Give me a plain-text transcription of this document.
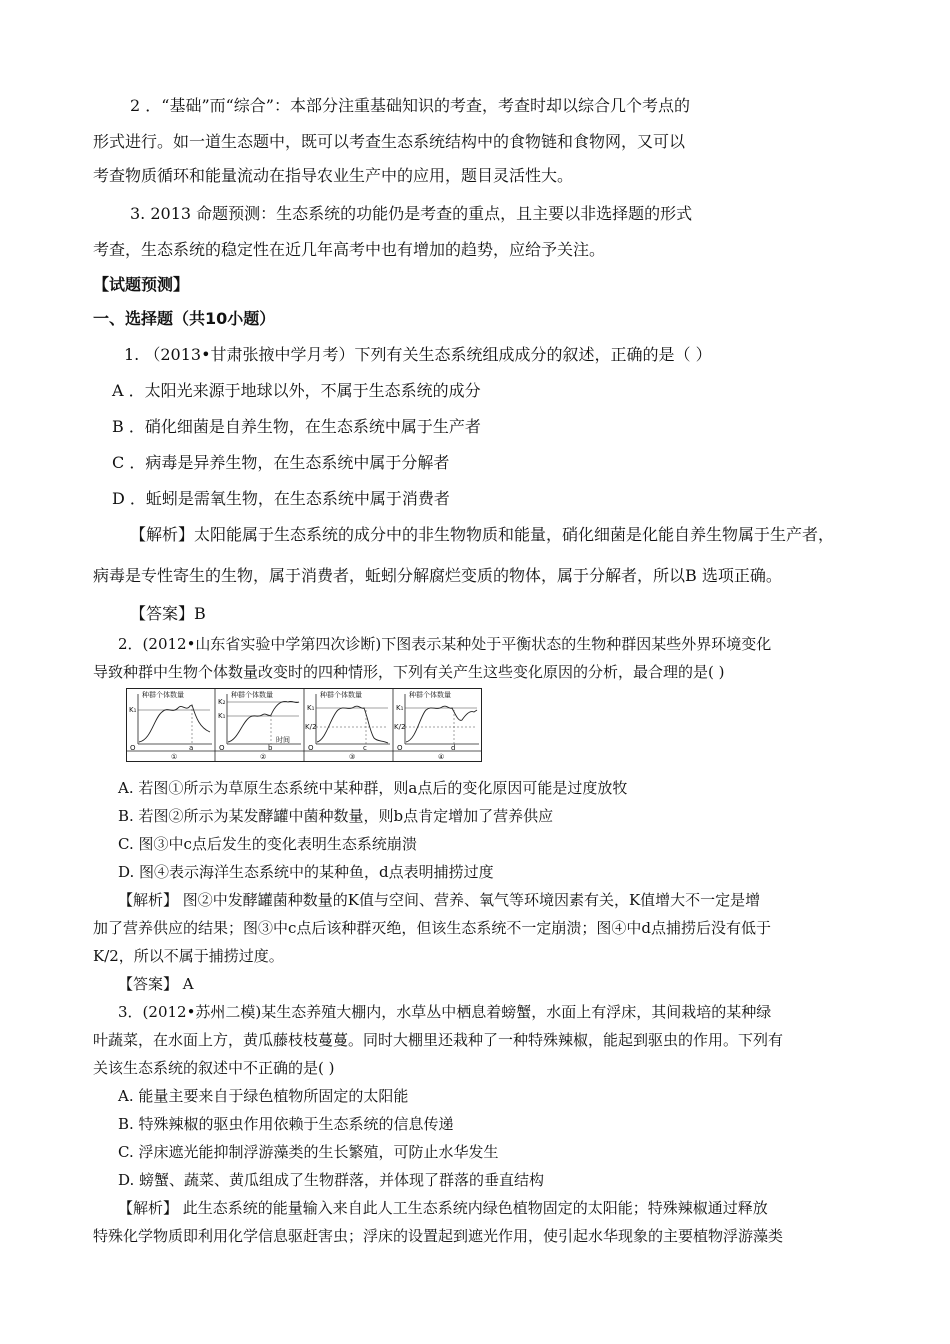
2 ．“基础”而“综合”：本部分注重基础知识的考查，考查时却以综合几个考点的
形式进行。如一道生态题中，既可以考查生态系统结构中的食物链和食物网，又可以
考查物质循环和能量流动在指导农业生产中的应用，题目灵活性大。
3. 2013 命题预测：生态系统的功能仍是考查的重点，且主要以非选择题的形式
考查，生态系统的稳定性在近几年高考中也有增加的趋势，应给予关注。
【试题预测】
一、选择题（共10小题）
1. （2013•甘肃张掖中学月考）下列有关生态系统组成成分的叙述，正确的是（ ）
A ．太阳光来源于地球以外，不属于生态系统的成分
B ．硝化细菌是自养生物，在生态系统中属于生产者
C ．病毒是异养生物，在生态系统中属于分解者
D ．蚯蚓是需氧生物，在生态系统中属于消费者
【解析】太阳能属于生态系统的成分中的非生物物质和能量，硝化细菌是化能自养生物属于生产者，
病毒是专性寄生的生物，属于消费者，蚯蚓分解腐烂变质的物体，属于分解者，所以B 选项正确。
【答案】B
2．(2012•山东省实验中学第四次诊断)下图表示某种处于平衡状态的生物种群因某些外界环境变化
导致种群中生物个体数量改变时的四种情形，下列有关产生这些变化原因的分析，最合理的是( )
种群个体数量
K₁
O	a
①
种群个体数量
K₂
K₁
O	b
时间
②
种群个体数量
K₁
K/2
O	c
③
种群个体数量
K₁
K/2
O	d
④
A. 若图①所示为草原生态系统中某种群，则a点后的变化原因可能是过度放牧
B. 若图②所示为某发酵罐中菌种数量，则b点肯定增加了营养供应
C. 图③中c点后发生的变化表明生态系统崩溃
D. 图④表示海洋生态系统中的某种鱼，d点表明捕捞过度
【解析】 图②中发酵罐菌种数量的K值与空间、营养、氧气等环境因素有关，K值增大不一定是增
加了营养供应的结果；图③中c点后该种群灭绝，但该生态系统不一定崩溃；图④中d点捕捞后没有低于
K/2，所以不属于捕捞过度。
【答案】 A
3．(2012•苏州二模)某生态养殖大棚内，水草丛中栖息着螃蟹，水面上有浮床，其间栽培的某种绿
叶蔬菜，在水面上方，黄瓜藤枝枝蔓蔓。同时大棚里还栽种了一种特殊辣椒，能起到驱虫的作用。下列有
关该生态系统的叙述中不正确的是( )
A. 能量主要来自于绿色植物所固定的太阳能
B. 特殊辣椒的驱虫作用依赖于生态系统的信息传递
C. 浮床遮光能抑制浮游藻类的生长繁殖，可防止水华发生
D. 螃蟹、蔬菜、黄瓜组成了生物群落，并体现了群落的垂直结构
【解析】 此生态系统的能量输入来自此人工生态系统内绿色植物固定的太阳能；特殊辣椒通过释放
特殊化学物质即利用化学信息驱赶害虫；浮床的设置起到遮光作用，使引起水华现象的主要植物浮游藻类
